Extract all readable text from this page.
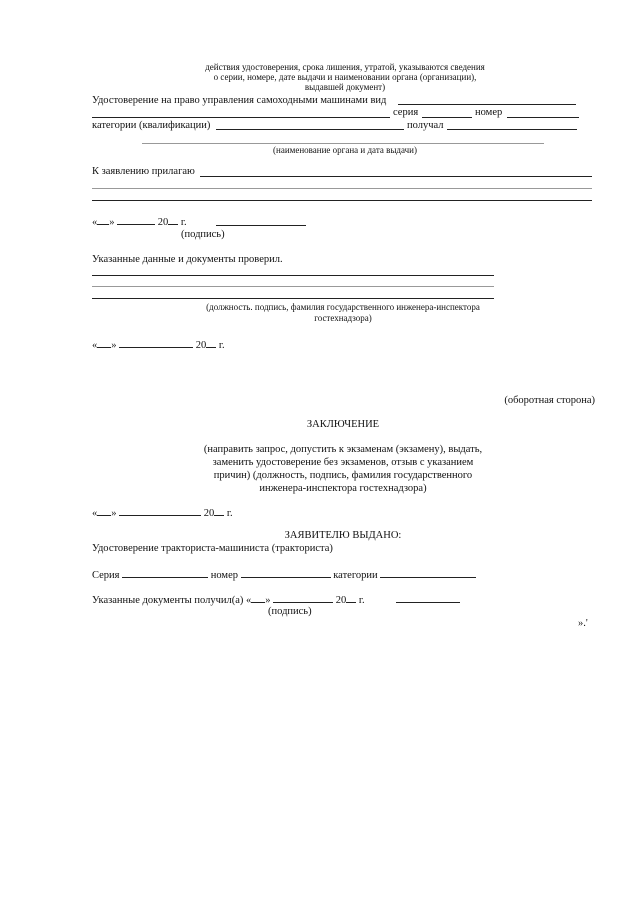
действия удостоверения, срока лишения, утратой, указываются сведения
о серии, номере, дате выдачи и наименовании органа (организации),
выдавшей документ)
Удостоверение на право управления самоходными машинами вид
серия	номер
категории (квалификации)	получал
(наименование органа и дата выдачи)
К заявлению прилагаю
« »	20 г.
(подпись)
Указанные данные и документы проверил.
(должность. подпись, фамилия государственного инженера-инспектора
гостехнадзора)
« »	20 г.
(оборотная сторона)
ЗАКЛЮЧЕНИЕ
(направить запрос, допустить к экзаменам (экзамену), выдать,
заменить удостоверение без экзаменов, отзыв с указанием
причин) (должность, подпись, фамилия государственного
инженера-инспектора гостехнадзора)
« »	20 г.
ЗАЯВИТЕЛЮ ВЫДАНО:
Удостоверение тракториста-машиниста (тракториста)
Серия	номер	категории
Указанные документы получил(а) « »	20 г.
(подпись)
».'
